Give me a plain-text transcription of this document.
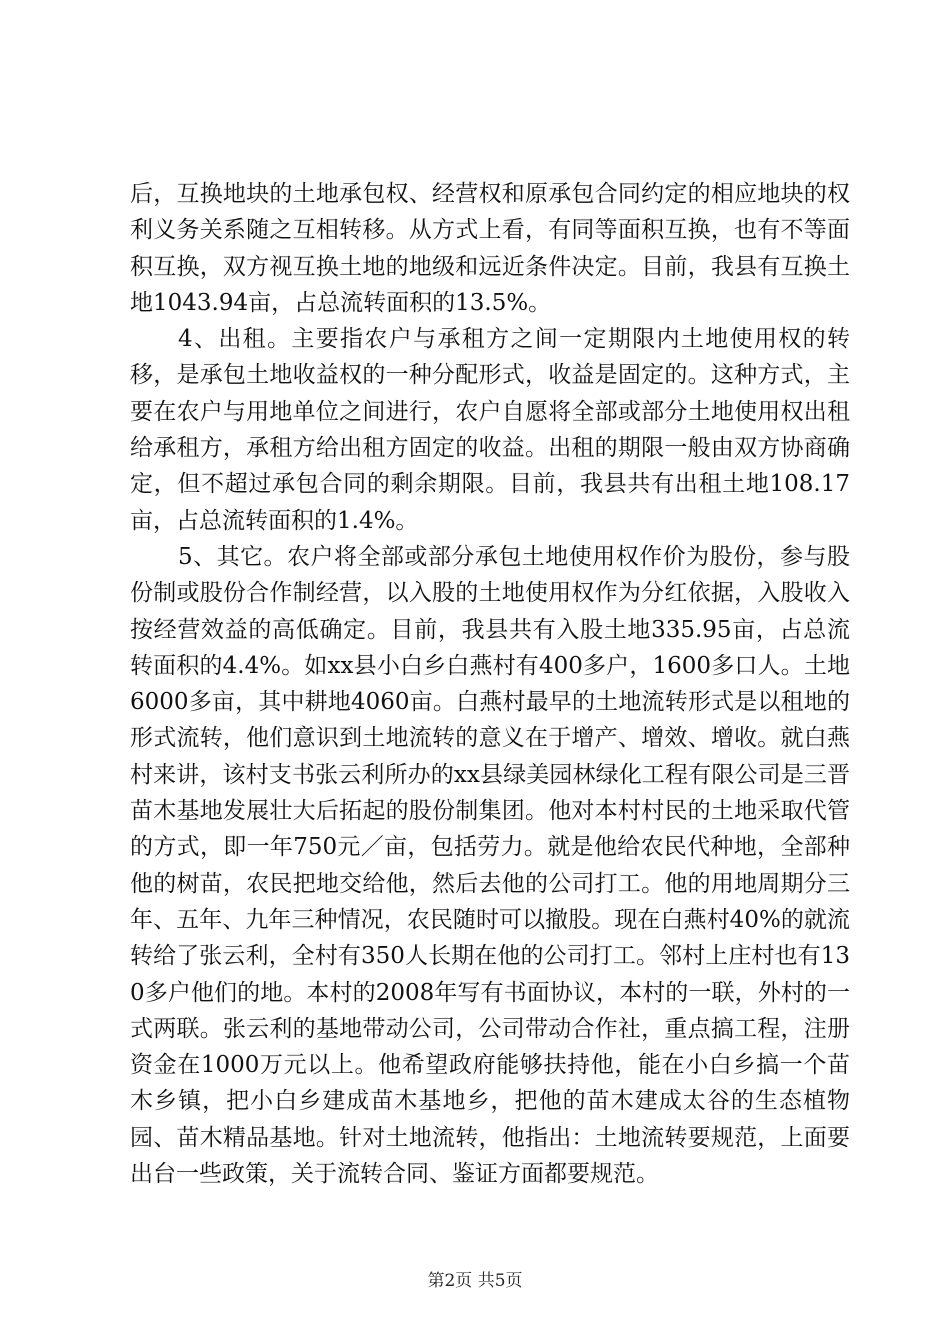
后，互换地块的土地承包权、经营权和原承包合同约定的相应地块的权利义务关系随之互相转移。从方式上看，有同等面积互换，也有不等面积互换，双方视互换土地的地级和远近条件决定。目前，我县有互换土地1043.94亩，占总流转面积的13.5%。

4、出租。主要指农户与承租方之间一定期限内土地使用权的转移，是承包土地收益权的一种分配形式，收益是固定的。这种方式，主要在农户与用地单位之间进行，农户自愿将全部或部分土地使用权出租给承租方，承租方给出租方固定的收益。出租的期限一般由双方协商确定，但不超过承包合同的剩余期限。目前，我县共有出租土地108.17亩，占总流转面积的1.4%。

5、其它。农户将全部或部分承包土地使用权作价为股份，参与股份制或股份合作制经营，以入股的土地使用权作为分红依据，入股收入按经营效益的高低确定。目前，我县共有入股土地335.95亩，占总流转面积的4.4%。如xx县小白乡白燕村有400多户，1600多口人。土地6000多亩，其中耕地4060亩。白燕村最早的土地流转形式是以租地的形式流转，他们意识到土地流转的意义在于增产、增效、增收。就白燕村来讲，该村支书张云利所办的xx县绿美园林绿化工程有限公司是三晋苗木基地发展壮大后拓起的股份制集团。他对本村村民的土地采取代管的方式，即一年750元／亩，包括劳力。就是他给农民代种地，全部种他的树苗，农民把地交给他，然后去他的公司打工。他的用地周期分三年、五年、九年三种情况，农民随时可以撤股。现在白燕村40%的就流转给了张云利，全村有350人长期在他的公司打工。邻村上庄村也有130多户他们的地。本村的2008年写有书面协议，本村的一联，外村的一式两联。张云利的基地带动公司，公司带动合作社，重点搞工程，注册资金在1000万元以上。他希望政府能够扶持他，能在小白乡搞一个苗木乡镇，把小白乡建成苗木基地乡，把他的苗木建成太谷的生态植物园、苗木精品基地。针对土地流转，他指出：土地流转要规范，上面要出台一些政策，关于流转合同、鉴证方面都要规范。

第2页 共5页
